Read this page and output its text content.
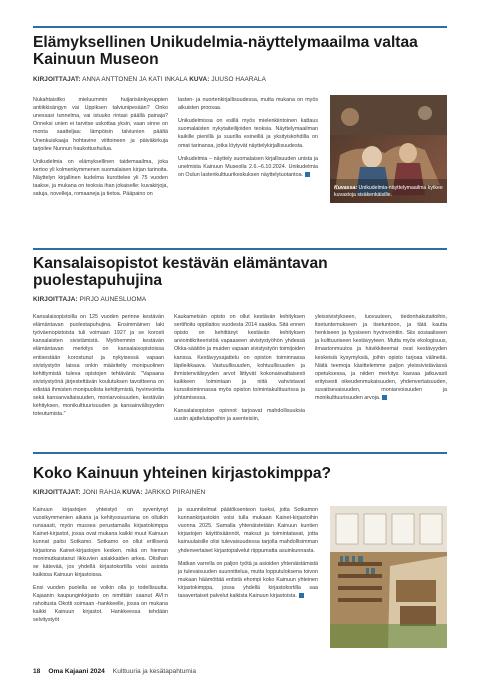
Elämyksellinen Unikudelmia-näyttelymaailma valtaa Kainuun Museon
KIRJOITTAJAT: ANNA ANTTONEN JA KATI INKALA KUVA: JUUSO HAARALA

Nukahtaisitko mieluummin huijarisänkyeuppien antiikkisängyn vai Uppiksen talviunipesään? Onko unessasi tunnelma, vai istuuko rintasi päällä painaja? Onneksi unien ei tarvitse uskottaa yksin, vaan sinne on monta saatteljaa: lämpöisin talviunien päältä Unenkuiskaaja hohtavine viittoineen ja päiväkirkuja tarjoilee Nunnun haukottushuilua.

Unikudelmia on elämyksellinen taidemaailma, joka kertoo yli kolmenkymmenen suomalaisen kirjan tarinoita. Näyttelyn kirjallinen kudelma kurottelee yli 75 vuoden taakse, ja mukana on teoksia ihan jokaiselle: kuvakirjoja, satuja, novelleja, romaaneja ja tietoa. Pääpaino on

lasten- ja nuortenkirjallisuudessa, mutta mukana on myös aikuisten proosaa.

Unikudelmissa on esillä myös mielenkiintoinen kattaus suomalaisten nykytaiteilijoiden teoksia. Näyttelymaailman kaikille pienillä ja suurilla esineillä ja yksityiskohdilla on omat tarinansa, jotka löytyvät näyttelykirjallisuudesta.

Unikudelmia – näyttely suomalaisen kirjallisuuden unista ja unelmista Kainuun Museolla 2.6.–6.10.2024. Unikudelmia on Oulun lastenkulttuurikeskuksen näyttelytuotantoa.

Kuvassa: Unikudelmia-näyttelymaailma kytkee kuvastoja sisäkenkäisille.
Kansalaisopistot kestävän elämäntavan puolestapuhujina
KIRJOITTAJA: PIRJO AUNESLUOMA

Kansalaisopistoilla on 125 vuoden perinne kestävän elämäntavan puolestapuhujina. Ensimmäinen laki työväenopistoista tuli voimaan 1927 ja se korosti kansalaisten sivistämistä. Myöhemmin kestävän elämäntavan merkitys on kansalaisopistoissa entisestään korostunut ja nykyisessä vapaan sivistystyön laissa onkin määritelty monipuolinen kehittymistä tuleva opistojen tehtävänä: "Vapaana sivistystyönä järjestettävän koulutuksen tavoitteena on edistää ihmisten monipuolista kehittymistä, hyvinvointia sekä kansanvaltaisuuden, moniarvoisuuden, kestävän kehityksen, monikulttuurisuuden ja kansainvälisyyden toteutumista."

Kaukametsän opisto on ollut kestävän kehityksen sertifioitu oppilaitos vuodesta 2014 saakka. Sitä ennen opisto on kehittänyt kestävän kehityksen arviointikriteeristöä vapaaseen sivistystyöhön yhdessä Okka-säätiön ja muiden vapaan sivistystyön toimijoiden kanssa. Kestävyysajattelu on opiston toiminnassa läpileikkaava. Vastuullisuuden, kohtuullisuuden ja ihmistenvälisyyden arvot liittyvät kokonaisvaltaisesti kaikkeen toimintaan ja niitä vahvistavat kurssitoiminnassa myös opiston toimintakulttuurissa ja johtamisessa.

Kansalaisopiston opinnot tarjoavat mahdollisuuksia uusiin ajattelutapoihin ja asenteisiin,

yleissivistykseen, luovuuteen, tiedonhakutaitoihin, itsetuntemukseen ja itsetuntoon, ja tätä kautta henkiseen ja fyysiseen hyvinvointiin. Siis sosiaaliseen ja kulttuuriseen kestävyyteen. Mutta myös ekologisuus, ilmastonmuutos ja hävikkiteemat ovat kestävyyden keskeisiä kysymyksiä, joihin opisto tarjoaa välineitä. Näitä teemoja käsittelemme paljon yleissivistävässä opetuksessa, ja niiden merkitys kasvaa jatkuvasti erityisesti oikeudenmukaisuuden, yhdenvertaisuuden, suvaitsevaisuuden, moniarvoisuuden ja monikulttuurisuuden arvoja.

Koko Kainuun yhteinen kirjastokimppa?
KIRJOITTAJAT: JONI RAHJA KUVA: JARKKO PIIRAINEN

Kainuun kirjastojen yhteistyö on syventynyt vuosikymmenien aikana ja kehityssuuntana on ollutkin runsaasti, myön mussea perustamalla kirjastokimppa Kainet-kirjastot, jossa ovat mukana kaikki muut Kainuun kunnat paitsi Sotkamo. Sotkamo on ollut erillisenä kirjastona Kainet-kirjastojen kesken, mikä on hieman monimutkaistanut likkuvien asiakkaiden arkea. Olisihan se kätevää, jos yhdellä kirjastokortilla voisi asioida kaikissa Kainuun kirjastoissa.

Ensi vuoden puolella se voikin olla jo todellisuutta. Kajaanin kaupunginkirjasto on nimittäin saanut AVI:n rahoitusta Okotti soimaan -hankkeelle, jossa on mukana kaikki Kainuun kirjastot. Hankkeessa tehdään selvitystyöt

ja suunnitelmat päätöksenteon tueksi, jotta Sotkamon kunnankirjastokin voisi tulla mukaan Kainet-kirjastoihin vuonna 2025. Samalla yhtenäistetään Kainuun kuntien kirjastojen käyttösäännöt, maksut ja toimintatavat, jotta kainuulaisille olisi tulevaisuudessa tarjolla mahdollisimman yhdenvertaiset kirjastopalvelut riippumatta asuinkunnasta.

Matkan varrella on paljon työtä ja asioiden yhtenäistämistä ja tulevaisuuden suunnittelua, mutta lopputuloksena toivon mukaan häämöttää entistä ehompi koko Kainuun yhteinen kirjastokimppa, jossa yhdellä kirjastokortilla saa tasavertaiset palvelut kaikista Kainuun kirjastoista.

18 Oma Kajaani 2024 Kulttuuria ja kesätapahtumia
